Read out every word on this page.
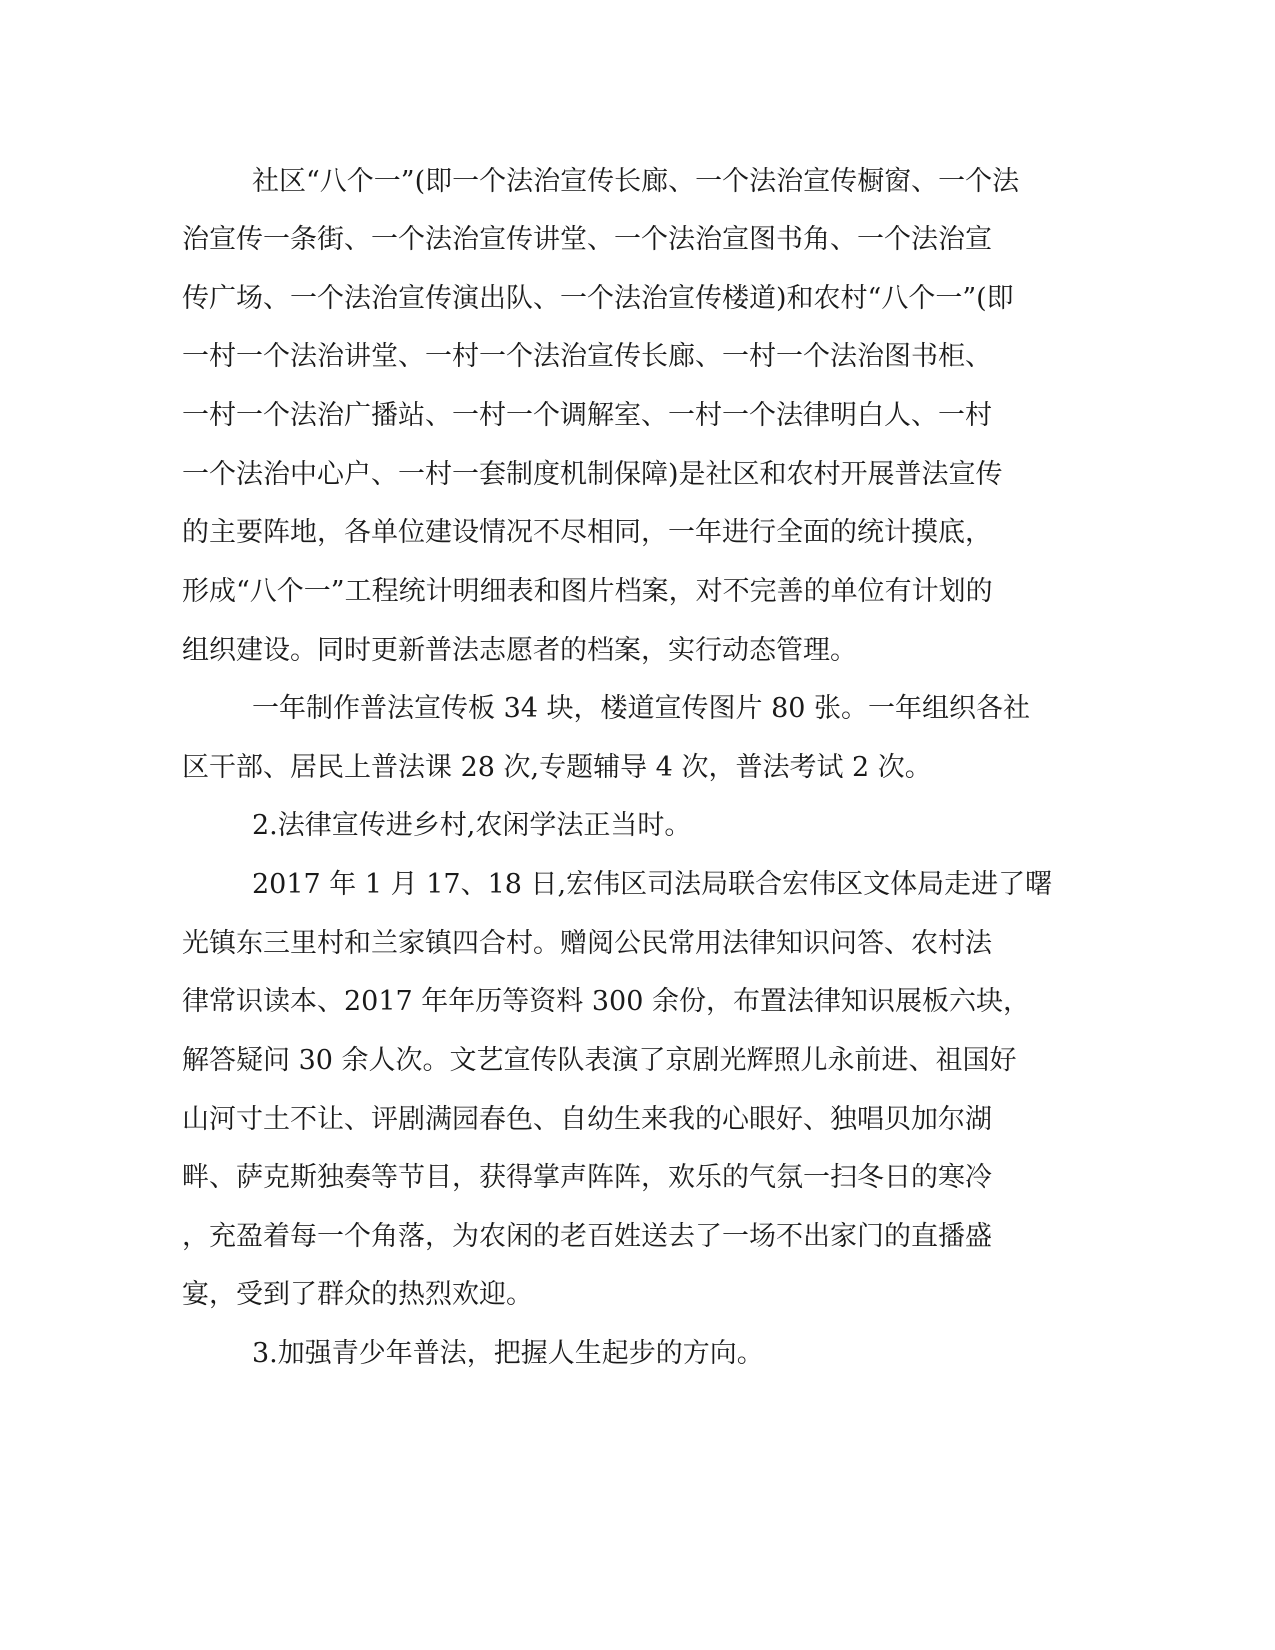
社区“八个一”(即一个法治宣传长廊、一个法治宣传橱窗、一个法

治宣传一条街、一个法治宣传讲堂、一个法治宣图书角、一个法治宣

传广场、一个法治宣传演出队、一个法治宣传楼道)和农村“八个一”(即

一村一个法治讲堂、一村一个法治宣传长廊、一村一个法治图书柜、

一村一个法治广播站、一村一个调解室、一村一个法律明白人、一村

一个法治中心户、一村一套制度机制保障)是社区和农村开展普法宣传

的主要阵地，各单位建设情况不尽相同，一年进行全面的统计摸底，

形成“八个一”工程统计明细表和图片档案，对不完善的单位有计划的

组织建设。同时更新普法志愿者的档案，实行动态管理。

一年制作普法宣传板 34 块，楼道宣传图片 80 张。一年组织各社

区干部、居民上普法课 28 次,专题辅导 4 次，普法考试 2 次。

2.法律宣传进乡村,农闲学法正当时。

2017 年 1 月 17、18 日,宏伟区司法局联合宏伟区文体局走进了曙

光镇东三里村和兰家镇四合村。赠阅公民常用法律知识问答、农村法

律常识读本、2017 年年历等资料 300 余份，布置法律知识展板六块，

解答疑问 30 余人次。文艺宣传队表演了京剧光辉照儿永前进、祖国好

山河寸土不让、评剧满园春色、自幼生来我的心眼好、独唱贝加尔湖

畔、萨克斯独奏等节目，获得掌声阵阵，欢乐的气氛一扫冬日的寒冷

，充盈着每一个角落，为农闲的老百姓送去了一场不出家门的直播盛

宴，受到了群众的热烈欢迎。

3.加强青少年普法，把握人生起步的方向。
